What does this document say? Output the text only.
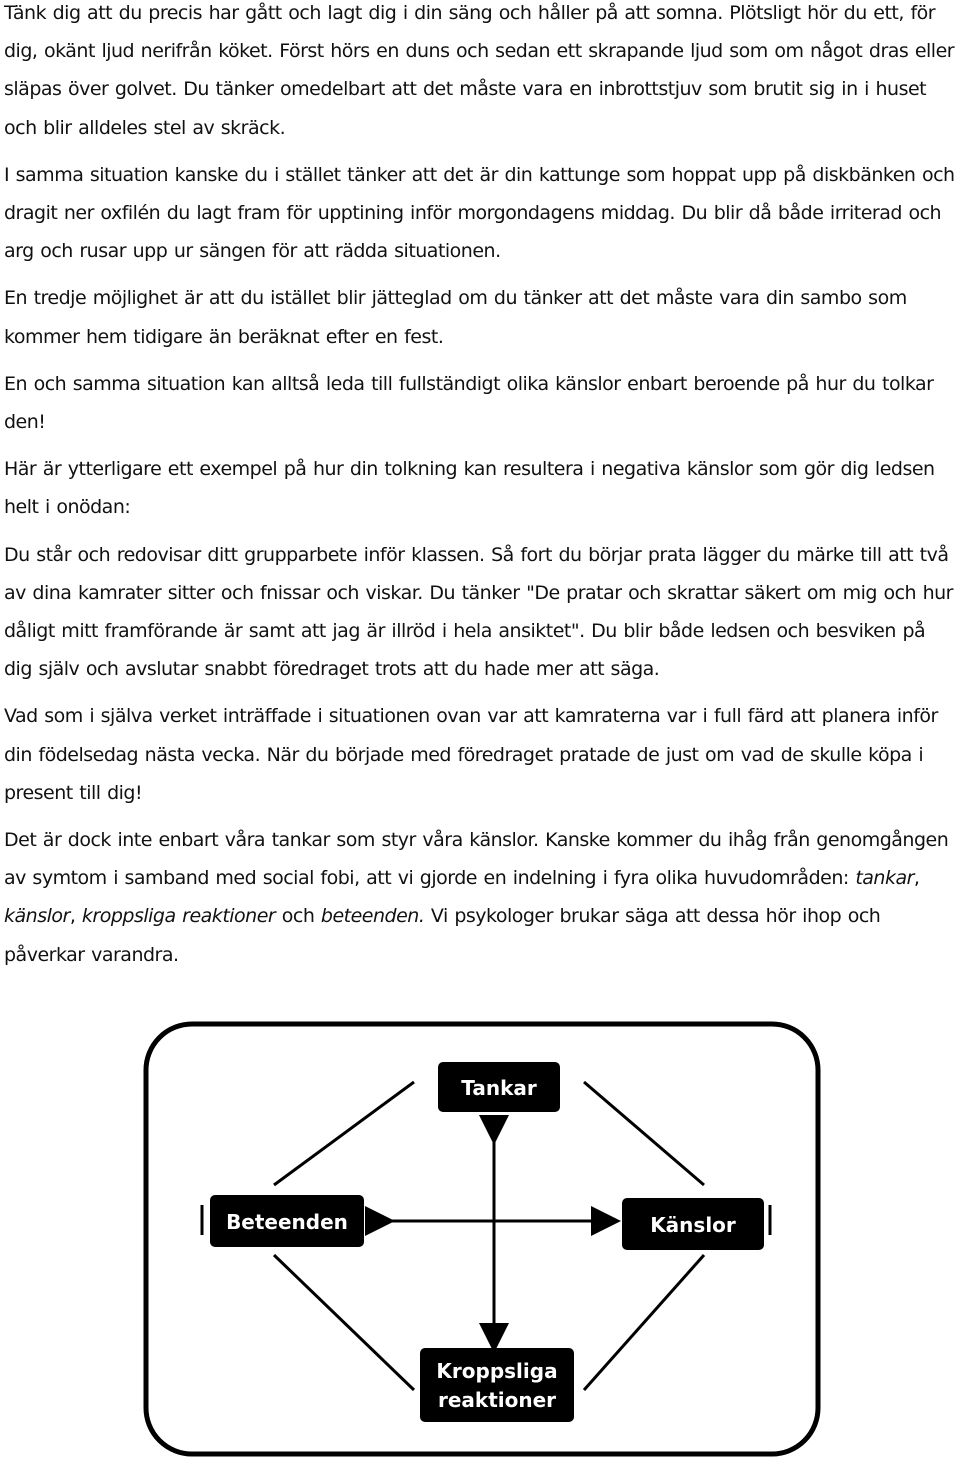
Tänk dig att du precis har gått och lagt dig i din säng och håller på att somna. Plötsligt hör du ett, för dig, okänt ljud nerifrån köket. Först hörs en duns och sedan ett skrapande ljud som om något dras eller släpas över golvet. Du tänker omedelbart att det måste vara en inbrottstjuv som brutit sig in i huset och blir alldeles stel av skräck.

I samma situation kanske du i stället tänker att det är din kattunge som hoppat upp på diskbänken och dragit ner oxfilén du lagt fram för upptining inför morgondagens middag. Du blir då både irriterad och arg och rusar upp ur sängen för att rädda situationen.

En tredje möjlighet är att du istället blir jätteglad om du tänker att det måste vara din sambo som kommer hem tidigare än beräknat efter en fest.

En och samma situation kan alltså leda till fullständigt olika känslor enbart beroende på hur du tolkar den!

Här är ytterligare ett exempel på hur din tolkning kan resultera i negativa känslor som gör dig ledsen helt i onödan:

Du står och redovisar ditt grupparbete inför klassen. Så fort du börjar prata lägger du märke till att två av dina kamrater sitter och fnissar och viskar. Du tänker "De pratar och skrattar säkert om mig och hur dåligt mitt framförande är samt att jag är illröd i hela ansiktet". Du blir både ledsen och besviken på dig själv och avslutar snabbt föredraget trots att du hade mer att säga.

Vad som i själva verket inträffade i situationen ovan var att kamraterna var i full färd att planera inför din födelsedag nästa vecka. När du började med föredraget pratade de just om vad de skulle köpa i present till dig!

Det är dock inte enbart våra tankar som styr våra känslor. Kanske kommer du ihåg från genomgången av symtom i samband med social fobi, att vi gjorde en indelning i fyra olika huvudområden: tankar, känslor, kroppsliga reaktioner och beteenden. Vi psykologer brukar säga att dessa hör ihop och påverkar varandra.

Tankar
Beteenden	Känslor
Kroppsliga
reaktioner
